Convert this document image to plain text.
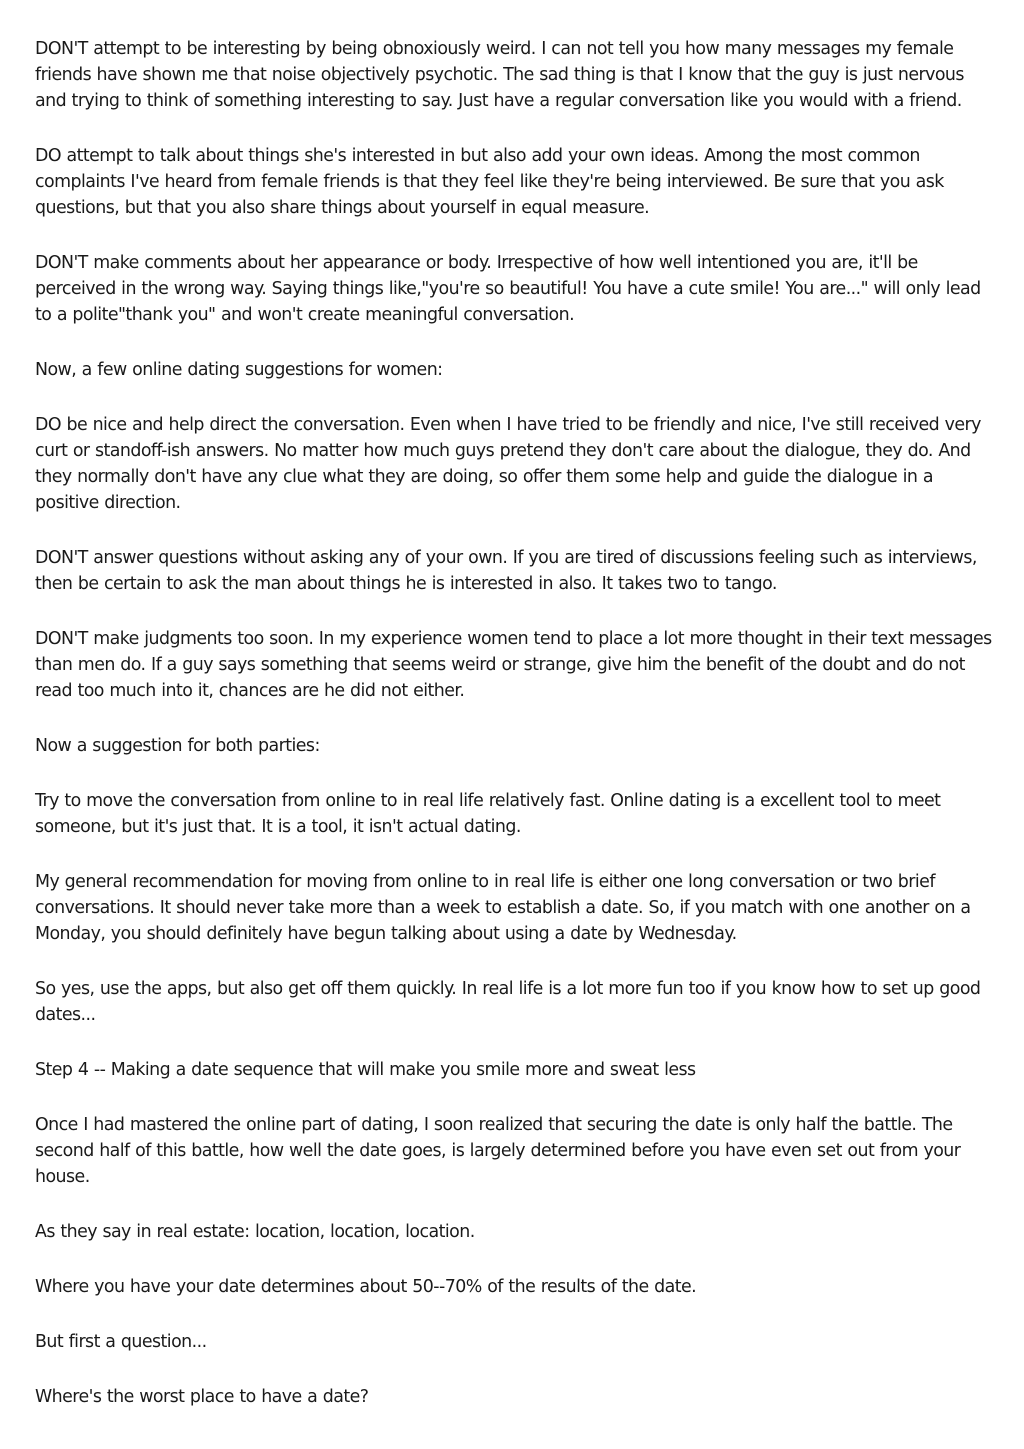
DON'T attempt to be interesting by being obnoxiously weird. I can not tell you how many messages my female friends have shown me that noise objectively psychotic. The sad thing is that I know that the guy is just nervous and trying to think of something interesting to say. Just have a regular conversation like you would with a friend.

DO attempt to talk about things she's interested in but also add your own ideas. Among the most common complaints I've heard from female friends is that they feel like they're being interviewed. Be sure that you ask questions, but that you also share things about yourself in equal measure.

DON'T make comments about her appearance or body. Irrespective of how well intentioned you are, it'll be perceived in the wrong way. Saying things like,"you're so beautiful! You have a cute smile! You are..." will only lead to a polite"thank you" and won't create meaningful conversation.

Now, a few online dating suggestions for women:

DO be nice and help direct the conversation. Even when I have tried to be friendly and nice, I've still received very curt or standoff-ish answers. No matter how much guys pretend they don't care about the dialogue, they do. And they normally don't have any clue what they are doing, so offer them some help and guide the dialogue in a positive direction.

DON'T answer questions without asking any of your own. If you are tired of discussions feeling such as interviews, then be certain to ask the man about things he is interested in also. It takes two to tango.

DON'T make judgments too soon. In my experience women tend to place a lot more thought in their text messages than men do. If a guy says something that seems weird or strange, give him the benefit of the doubt and do not read too much into it, chances are he did not either.

Now a suggestion for both parties:

Try to move the conversation from online to in real life relatively fast. Online dating is a excellent tool to meet someone, but it's just that. It is a tool, it isn't actual dating.

My general recommendation for moving from online to in real life is either one long conversation or two brief conversations. It should never take more than a week to establish a date. So, if you match with one another on a Monday, you should definitely have begun talking about using a date by Wednesday.

So yes, use the apps, but also get off them quickly. In real life is a lot more fun too if you know how to set up good dates...

Step 4 -- Making a date sequence that will make you smile more and sweat less

Once I had mastered the online part of dating, I soon realized that securing the date is only half the battle. The second half of this battle, how well the date goes, is largely determined before you have even set out from your house.

As they say in real estate: location, location, location.

Where you have your date determines about 50--70% of the results of the date.

But first a question...

Where's the worst place to have a date?
